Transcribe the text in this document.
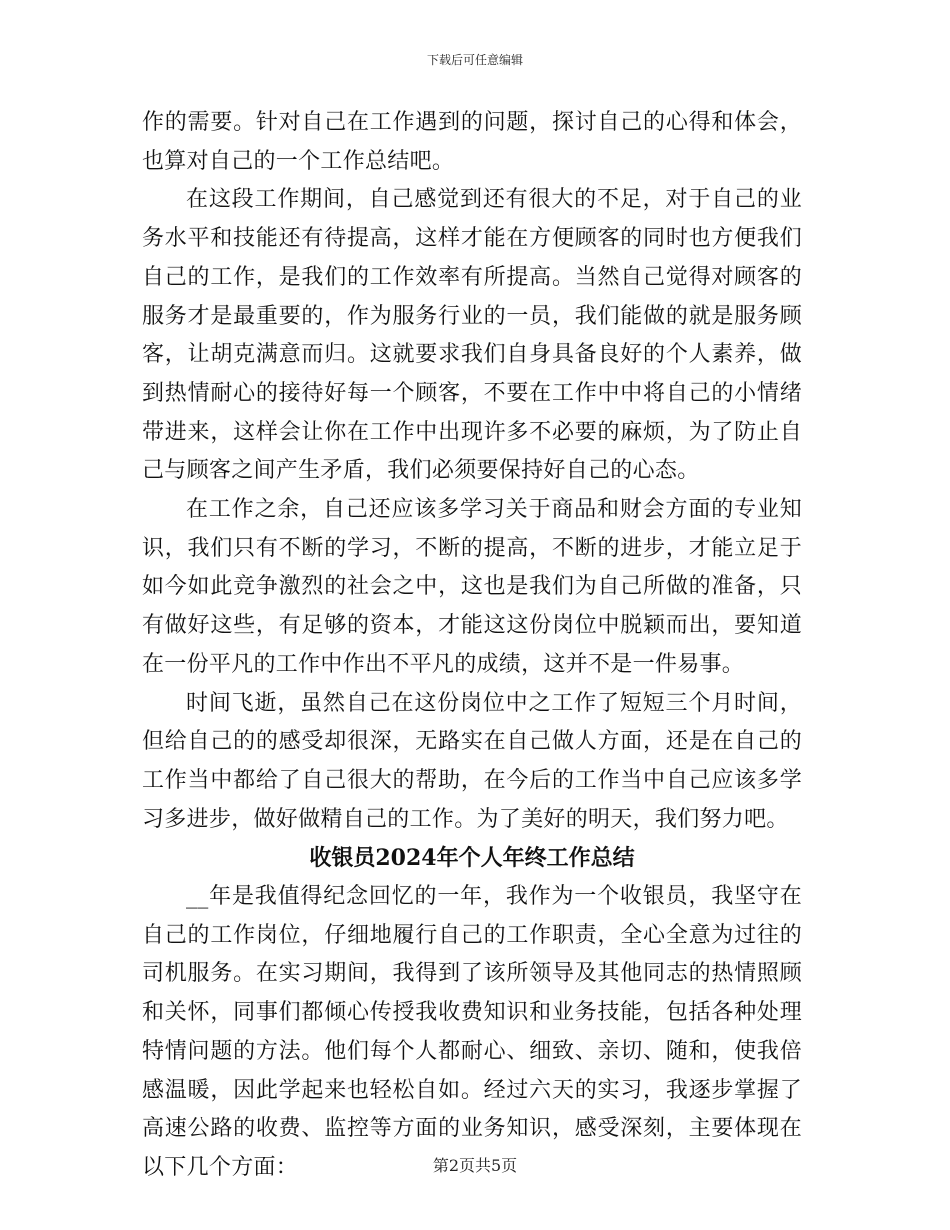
下载后可任意编辑

作的需要。针对自己在工作遇到的问题，探讨自己的心得和体会，也算对自己的一个工作总结吧。

在这段工作期间，自己感觉到还有很大的不足，对于自己的业务水平和技能还有待提高，这样才能在方便顾客的同时也方便我们自己的工作，是我们的工作效率有所提高。当然自己觉得对顾客的服务才是最重要的，作为服务行业的一员，我们能做的就是服务顾客，让胡克满意而归。这就要求我们自身具备良好的个人素养，做到热情耐心的接待好每一个顾客，不要在工作中中将自己的小情绪带进来，这样会让你在工作中出现许多不必要的麻烦，为了防止自己与顾客之间产生矛盾，我们必须要保持好自己的心态。

在工作之余，自己还应该多学习关于商品和财会方面的专业知识，我们只有不断的学习，不断的提高，不断的进步，才能立足于如今如此竞争激烈的社会之中，这也是我们为自己所做的准备，只有做好这些，有足够的资本，才能这这份岗位中脱颖而出，要知道在一份平凡的工作中作出不平凡的成绩，这并不是一件易事。

时间飞逝，虽然自己在这份岗位中之工作了短短三个月时间，但给自己的的感受却很深，无路实在自己做人方面，还是在自己的工作当中都给了自己很大的帮助，在今后的工作当中自己应该多学习多进步，做好做精自己的工作。为了美好的明天，我们努力吧。

收银员2024年个人年终工作总结

__年是我值得纪念回忆的一年，我作为一个收银员，我坚守在自己的工作岗位，仔细地履行自己的工作职责，全心全意为过往的司机服务。在实习期间，我得到了该所领导及其他同志的热情照顾和关怀，同事们都倾心传授我收费知识和业务技能，包括各种处理特情问题的方法。他们每个人都耐心、细致、亲切、随和，使我倍感温暖，因此学起来也轻松自如。经过六天的实习，我逐步掌握了高速公路的收费、监控等方面的业务知识，感受深刻，主要体现在以下几个方面：	第2页共5页
